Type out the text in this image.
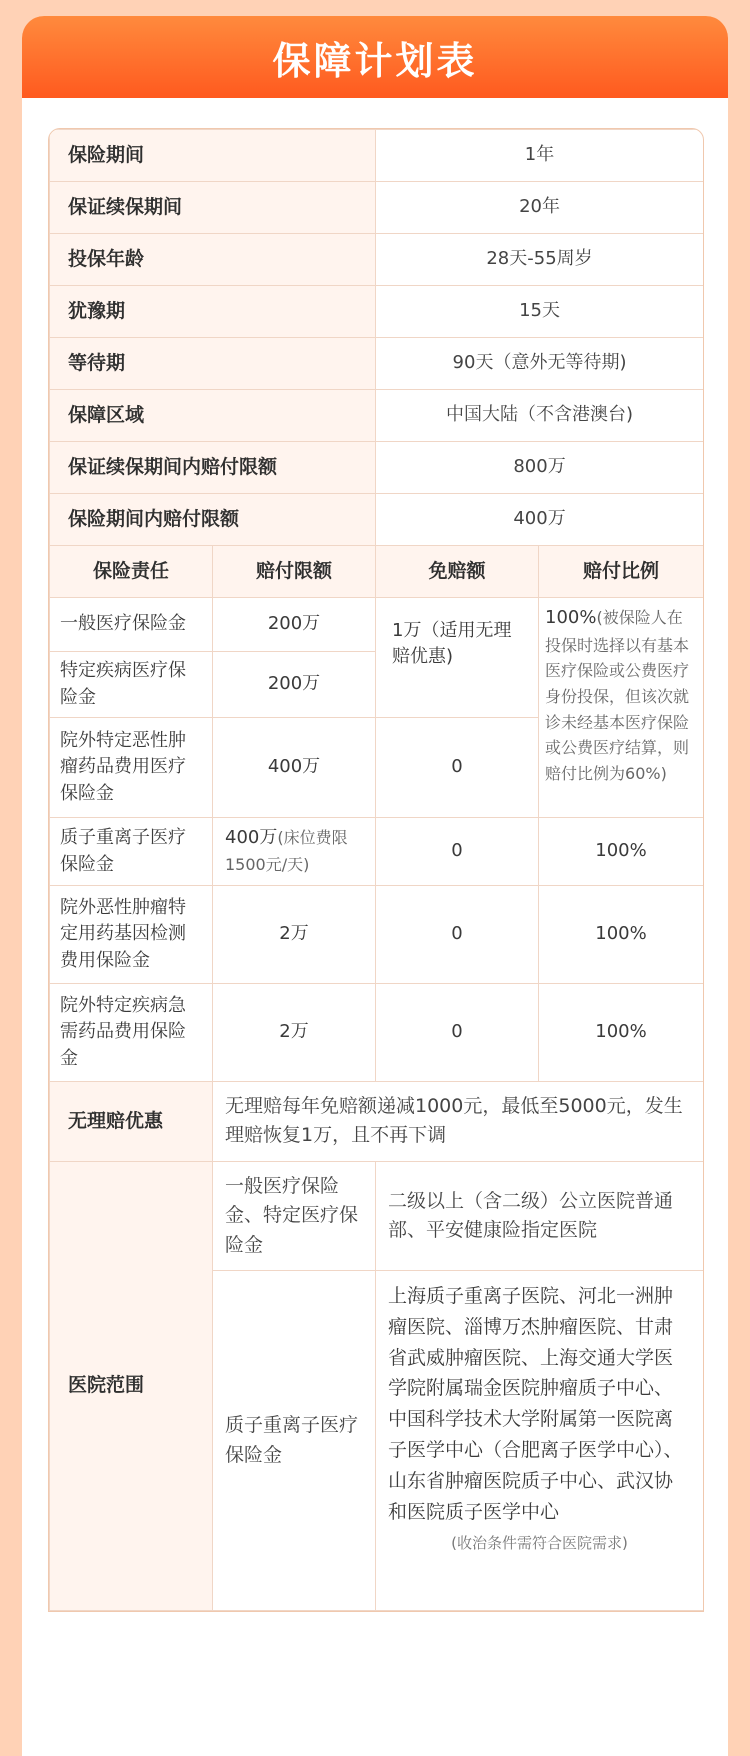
保障计划表
保险期间		1年	
保证续保期间		20年	
投保年龄		28天-55周岁	
犹豫期		15天	
等待期		90天（意外无等待期)	
保障区域		中国大陆（不含港澳台)	
保证续保期间内赔付限额		800万	
保险期间内赔付限额		400万	
保险责任	赔付限额	免赔额	赔付比例
一般医疗保险金	200万	1万（适用无理赔优惠)	100%(被保险人在投保时选择以有基本医疗保险或公费医疗身份投保，但该次就诊未经基本医疗保险或公费医疗结算，则赔付比例为60%)
特定疾病医疗保险金	200万		
院外特定恶性肿瘤药品费用医疗保险金	400万	0	
质子重离子医疗保险金	400万(床位费限1500元/天)	0	100%
院外恶性肿瘤特定用药基因检测费用保险金	2万	0	100%
院外特定疾病急需药品费用保险金	2万	0	100%
无理赔优惠	无理赔每年免赔额递减1000元，最低至5000元，发生理赔恢复1万，且不再下调		
医院范围	一般医疗保险金、特定医疗保险金	二级以上（含二级）公立医院普通部、平安健康险指定医院	
	质子重离子医疗保险金	上海质子重离子医院、河北一洲肿瘤医院、淄博万杰肿瘤医院、甘肃省武威肿瘤医院、上海交通大学医学院附属瑞金医院肿瘤质子中心、中国科学技术大学附属第一医院离子医学中心（合肥离子医学中心）、山东省肿瘤医院质子中心、武汉协和医院质子医学中心
(收治条件需符合医院需求)	
